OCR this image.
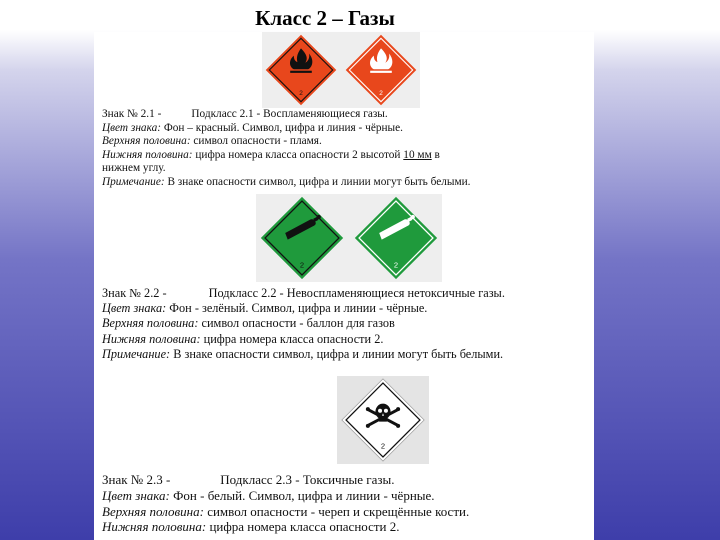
Класс 2 – Газы
2	2

Знак № 2.1 -	Подкласс 2.1 - Воспламеняющиеся газы.

Цвет знака: Фон – красный. Символ, цифра и линия - чёрные.

Верхняя половина: символ опасности - пламя.

Нижняя половина: цифра номера класса опасности 2 высотой 10 мм в

нижнем углу.

Примечание: В знаке опасности символ, цифра и линии могут быть белыми.

2	2

Знак № 2.2 -	Подкласс 2.2 - Невоспламеняющиеся нетоксичные газы.

Цвет знака: Фон - зелёный. Символ, цифра и линии - чёрные.

Верхняя половина: символ опасности - баллон для газов

Нижняя половина: цифра номера класса опасности 2.

Примечание: В знаке опасности символ, цифра и линии могут быть белыми.

2

Знак № 2.3 -	Подкласс 2.3 - Токсичные газы.

Цвет знака: Фон - белый. Символ, цифра и линии - чёрные.

Верхняя половина: символ опасности - череп и скрещённые кости.

Нижняя половина: цифра номера класса опасности 2.
